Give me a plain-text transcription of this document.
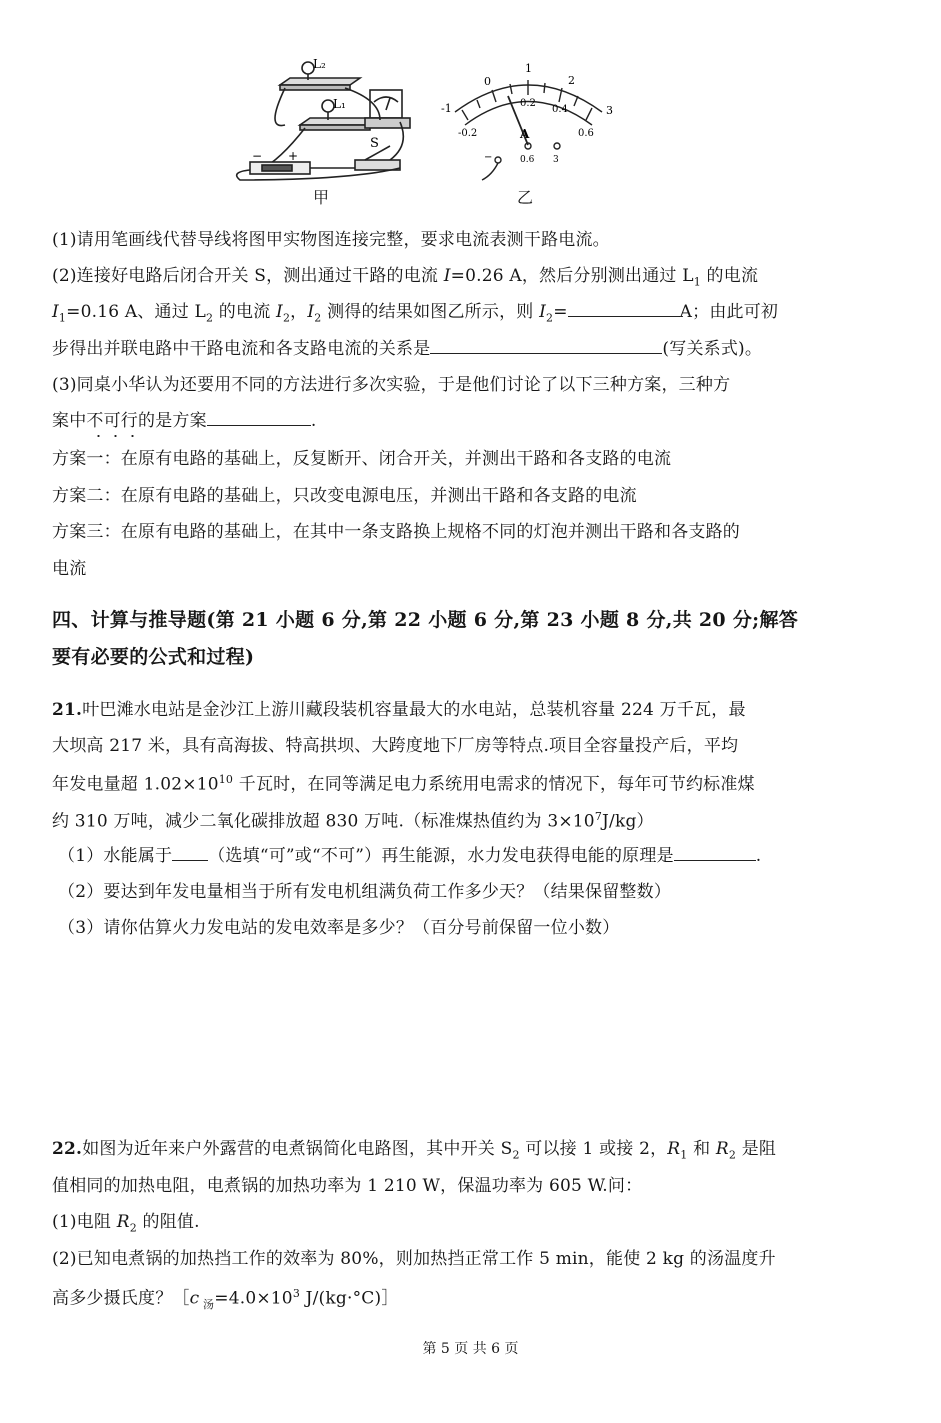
L₂
L₁
S
− +
-1
0
1
2
3
-0.2
0.2
0.4
0.6
A
−	0.6 3
甲	乙
(1)请用笔画线代替导线将图甲实物图连接完整，要求电流表测干路电流。
(2)连接好电路后闭合开关 S，测出通过干路的电流 I=0.26 A，然后分别测出通过 $L_1$ 的电流
$I_1=0.16$ A、通过 $L_2$ 的电流 $I_2$，$I_2$ 测得的结果如图乙所示，则 $I_2=$	A；由此可初
步得出并联电路中干路电流和各支路电流的关系是	(写关系式)。
(3)同桌小华认为还要用不同的方法进行多次实验，于是他们讨论了以下三种方案，三种方
案中不可行的是方案	.
方案一：在原有电路的基础上，反复断开、闭合开关，并测出干路和各支路的电流
方案二：在原有电路的基础上，只改变电源电压，并测出干路和各支路的电流
方案三：在原有电路的基础上，在其中一条支路换上规格不同的灯泡并测出干路和各支路的
电流
四、计算与推导题(第 21 小题 6 分,第 22 小题 6 分,第 23 小题 8 分,共 20 分;解答
要有必要的公式和过程)
21.叶巴滩水电站是金沙江上游川藏段装机容量最大的水电站，总装机容量 224 万千瓦，最
大坝高 217 米，具有高海拔、特高拱坝、大跨度地下厂房等特点.项目全容量投产后，平均
年发电量超 $1.02\times 10^{10}$ 千瓦时，在同等满足电力系统用电需求的情况下，每年可节约标准煤
约 310 万吨，减少二氧化碳排放超 830 万吨.（标准煤热值约为 $3\times 10^7J/kg$）
（1）水能属于 （选填“可”或“不可”）再生能源，水力发电获得电能的原理是	.
（2）要达到年发电量相当于所有发电机组满负荷工作多少天？（结果保留整数）
（3）请你估算火力发电站的发电效率是多少？（百分号前保留一位小数）
22.如图为近年来户外露营的电煮锅简化电路图，其中开关 $S_2$ 可以接 1 或接 2，$R_1$ 和 $R_2$ 是阻
值相同的加热电阻，电煮锅的加热功率为 1 210 W，保温功率为 605 W.问：
(1)电阻 $R_2$ 的阻值.
(2)已知电煮锅的加热挡工作的效率为 80%，则加热挡正常工作 5 min，能使 2 kg 的汤温度升
高多少摄氏度？［c $_汤=4.0\times 10^3$ J/(kg·°C)］
第 5 页 共 6 页
